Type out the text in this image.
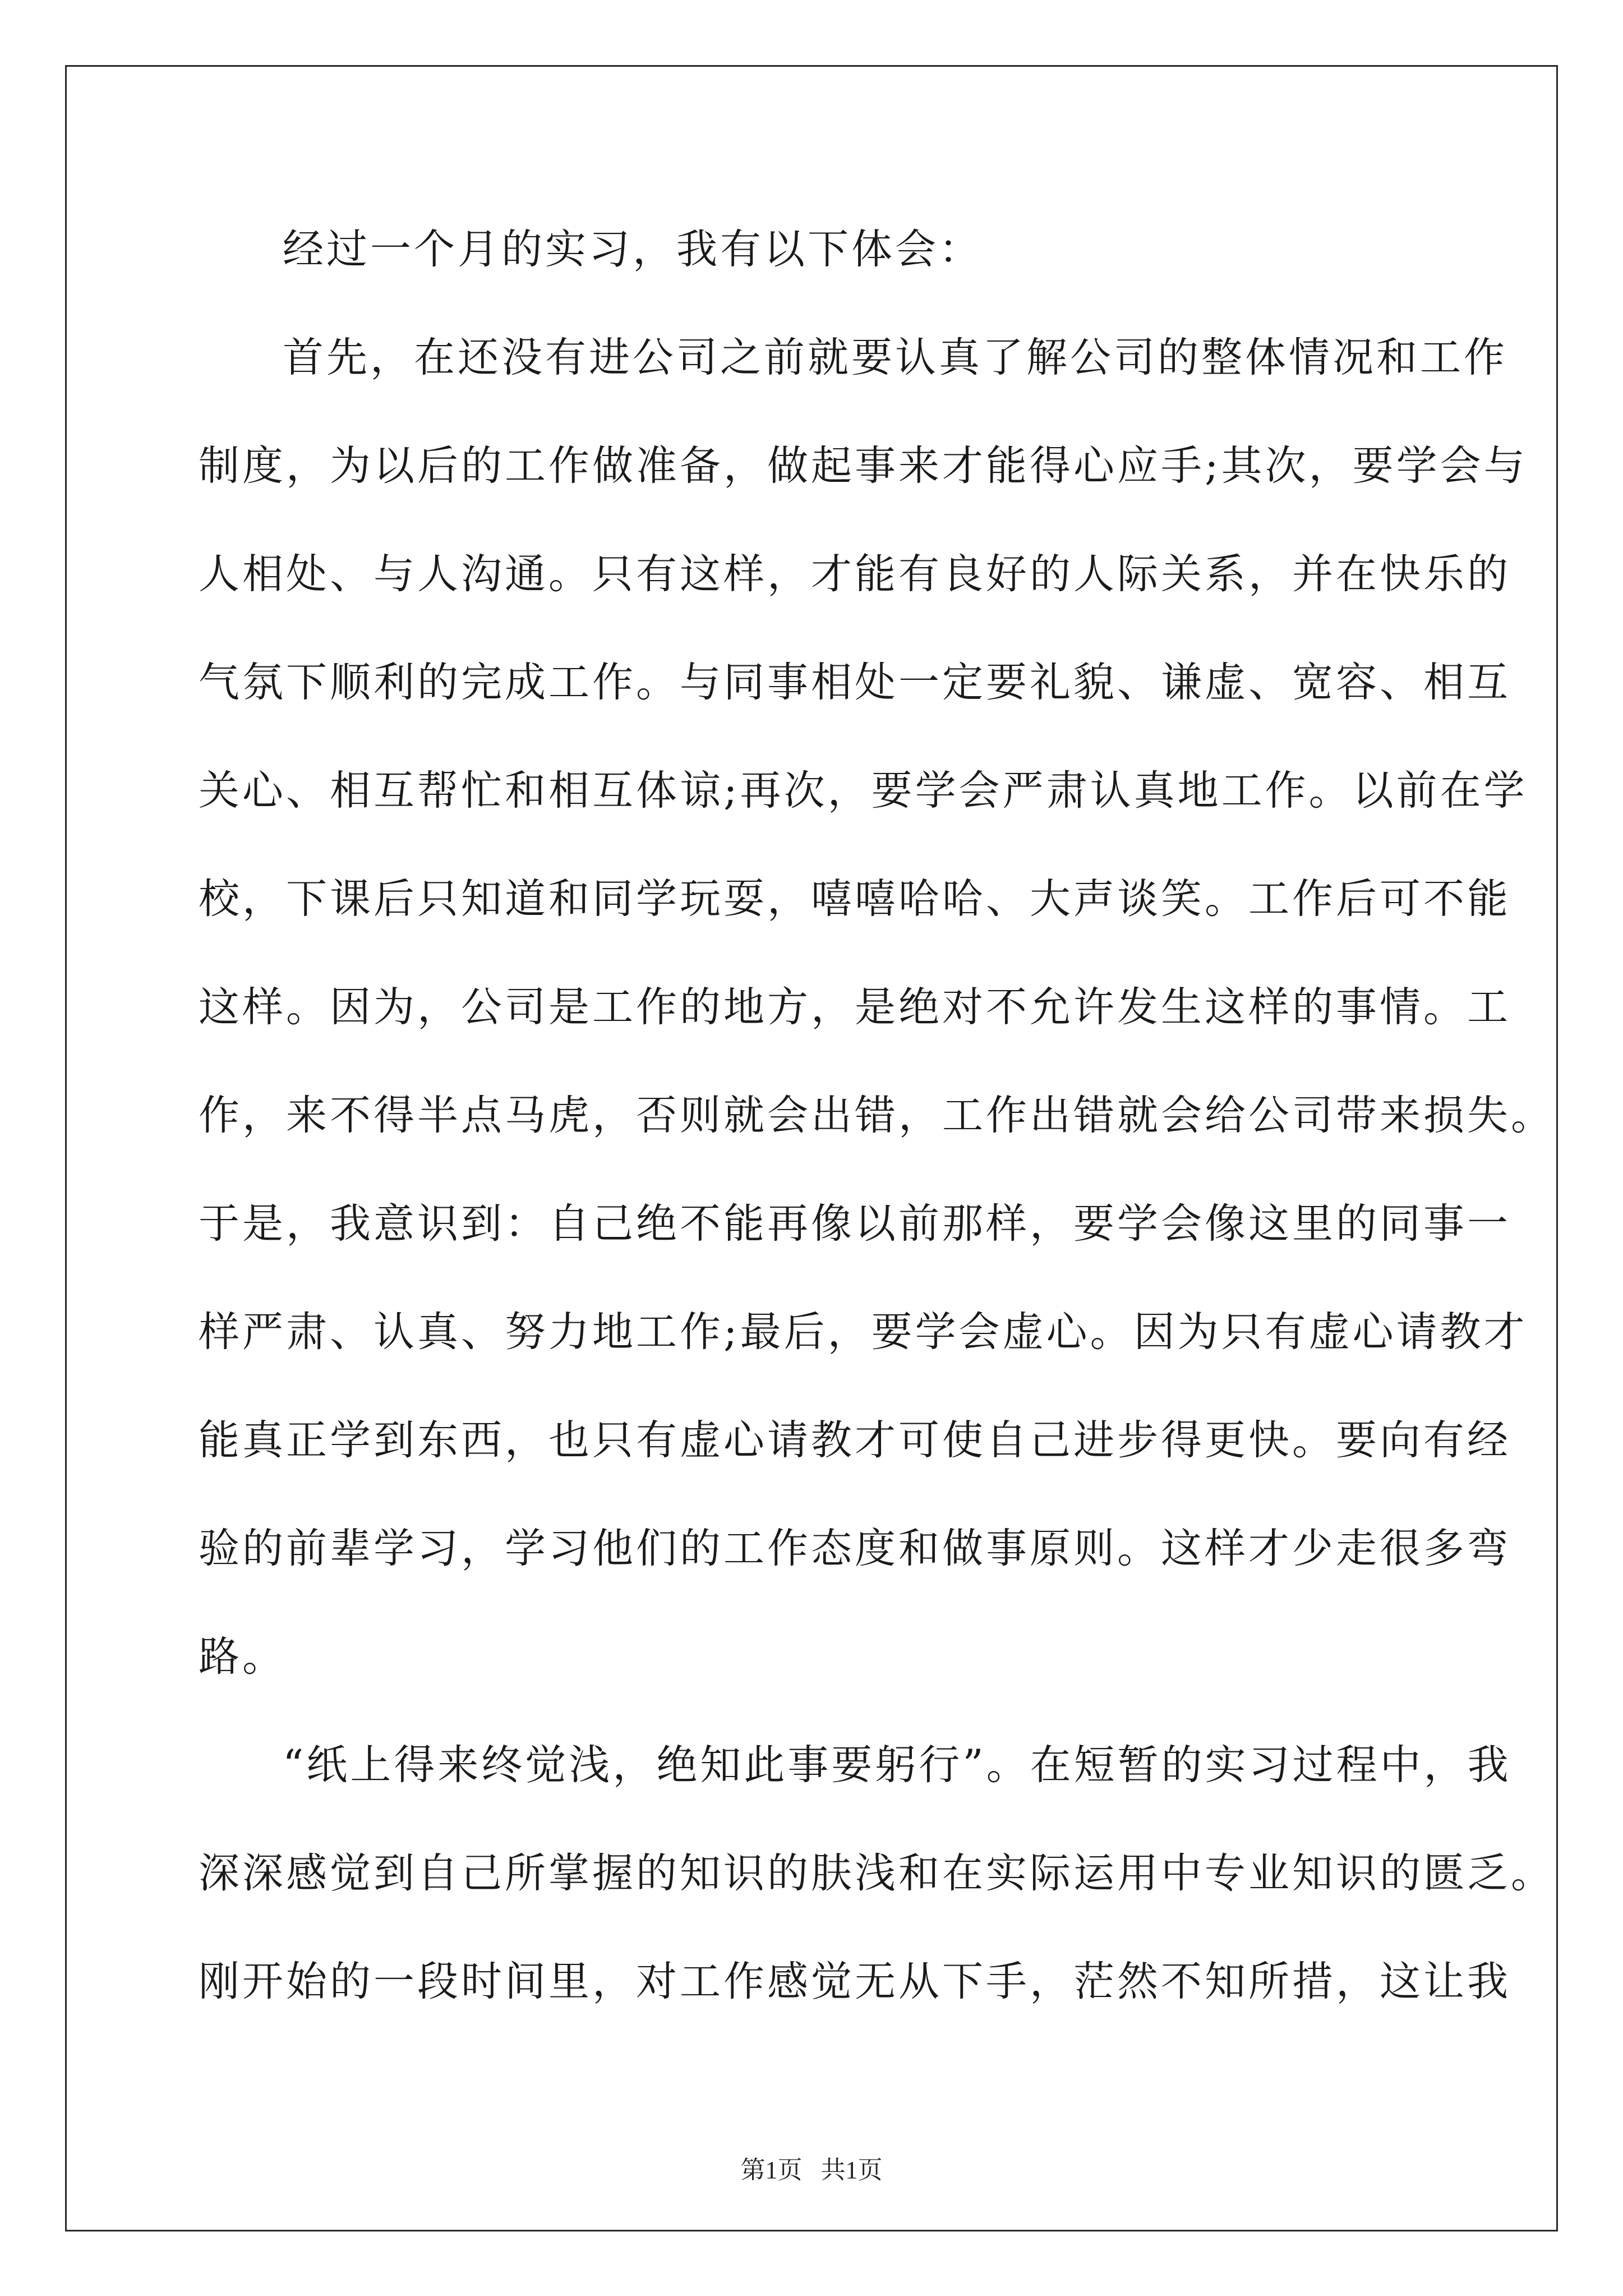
经过一个月的实习，我有以下体会：
首先，在还没有进公司之前就要认真了解公司的整体情况和工作
制度，为以后的工作做准备，做起事来才能得心应手;其次，要学会与
人相处、与人沟通。只有这样，才能有良好的人际关系，并在快乐的
气氛下顺利的完成工作。与同事相处一定要礼貌、谦虚、宽容、相互
关心、相互帮忙和相互体谅;再次，要学会严肃认真地工作。以前在学
校，下课后只知道和同学玩耍，嘻嘻哈哈、大声谈笑。工作后可不能
这样。因为，公司是工作的地方，是绝对不允许发生这样的事情。工
作，来不得半点马虎，否则就会出错，工作出错就会给公司带来损失。
于是，我意识到：自己绝不能再像以前那样，要学会像这里的同事一
样严肃、认真、努力地工作;最后，要学会虚心。因为只有虚心请教才
能真正学到东西，也只有虚心请教才可使自己进步得更快。要向有经
验的前辈学习，学习他们的工作态度和做事原则。这样才少走很多弯
路。
“纸上得来终觉浅，绝知此事要躬行”。在短暂的实习过程中，我
深深感觉到自己所掌握的知识的肤浅和在实际运用中专业知识的匮乏。
刚开始的一段时间里，对工作感觉无从下手，茫然不知所措，这让我
第1页   共1页
